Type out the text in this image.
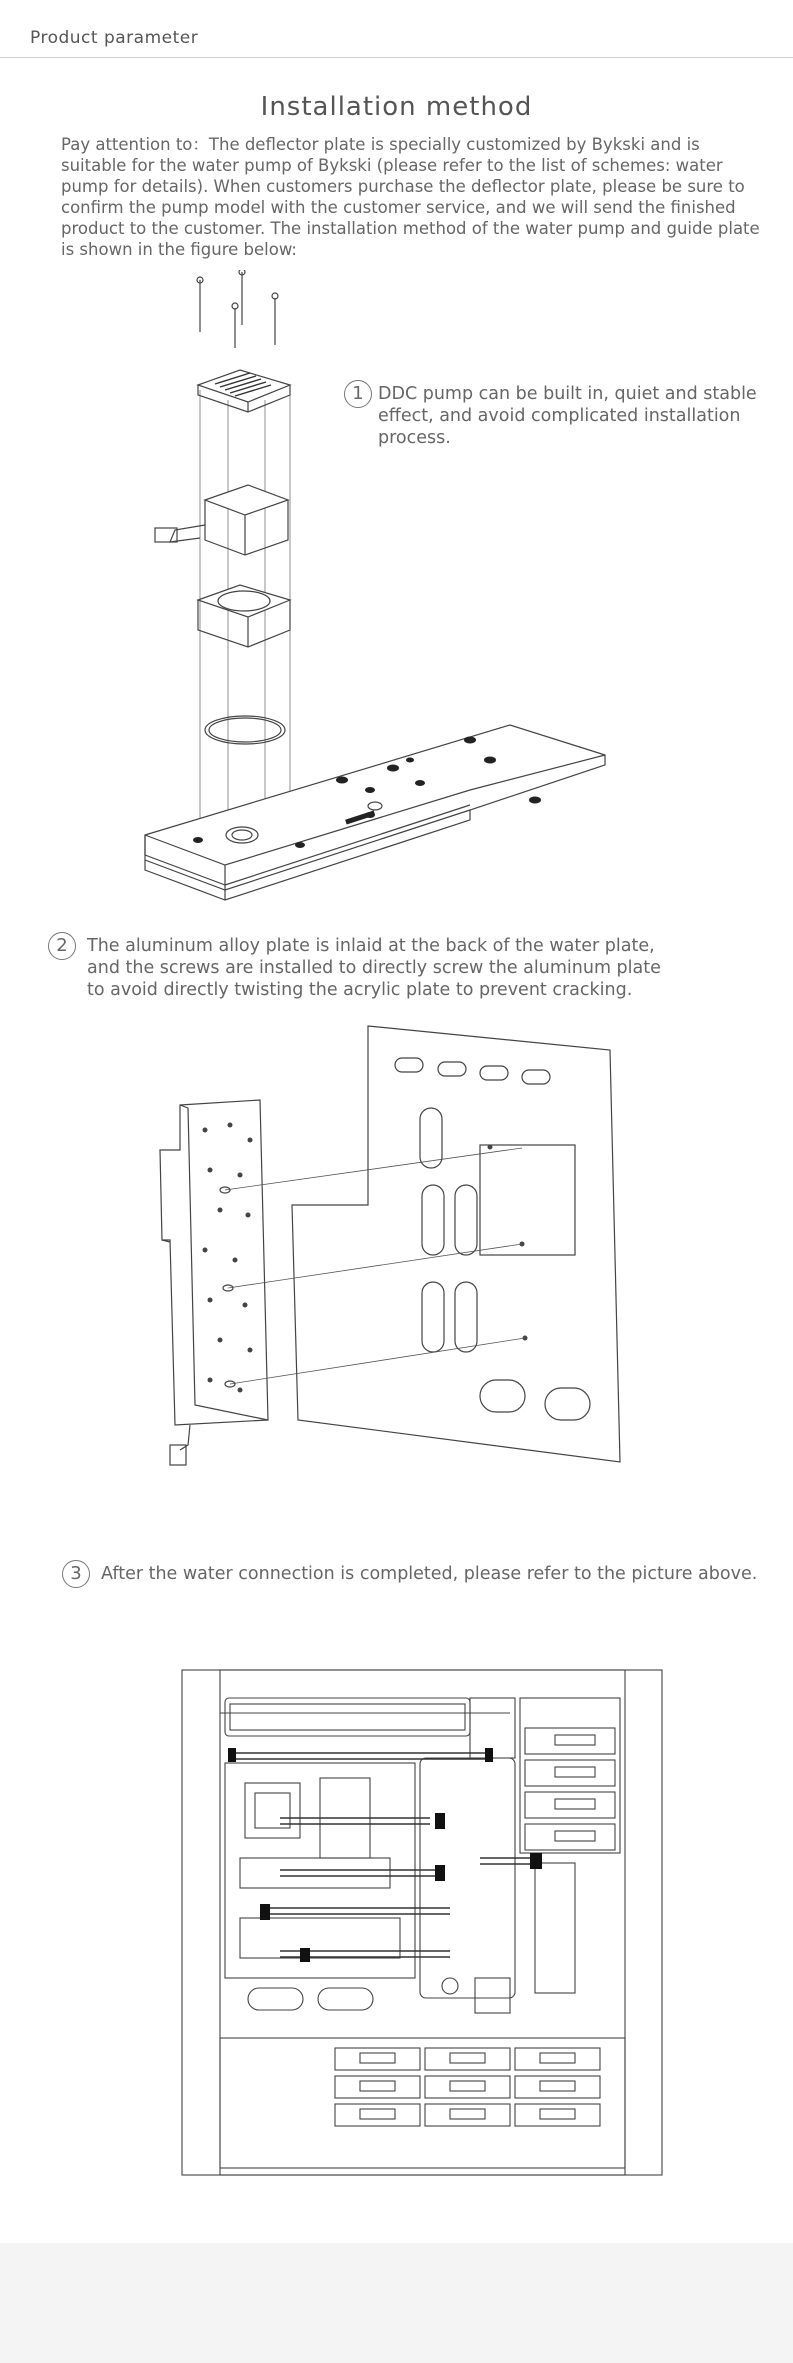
Product parameter
Installation method
Pay attention to：The deflector plate is specially customized by Bykski and is suitable for the water pump of Bykski (please refer to the list of schemes: water pump for details). When customers purchase the deflector plate, please be sure to confirm the pump model with the customer service, and we will send the finished product to the customer. The installation method of the water pump and guide plate is shown in the figure below:
1 DDC pump can be built in, quiet and stable effect, and avoid complicated installation process.
2	The aluminum alloy plate is inlaid at the back of the water plate, and the screws are installed to directly screw the aluminum plate to avoid directly twisting the acrylic plate to prevent cracking.
3	After the water connection is completed, please refer to the picture above.
